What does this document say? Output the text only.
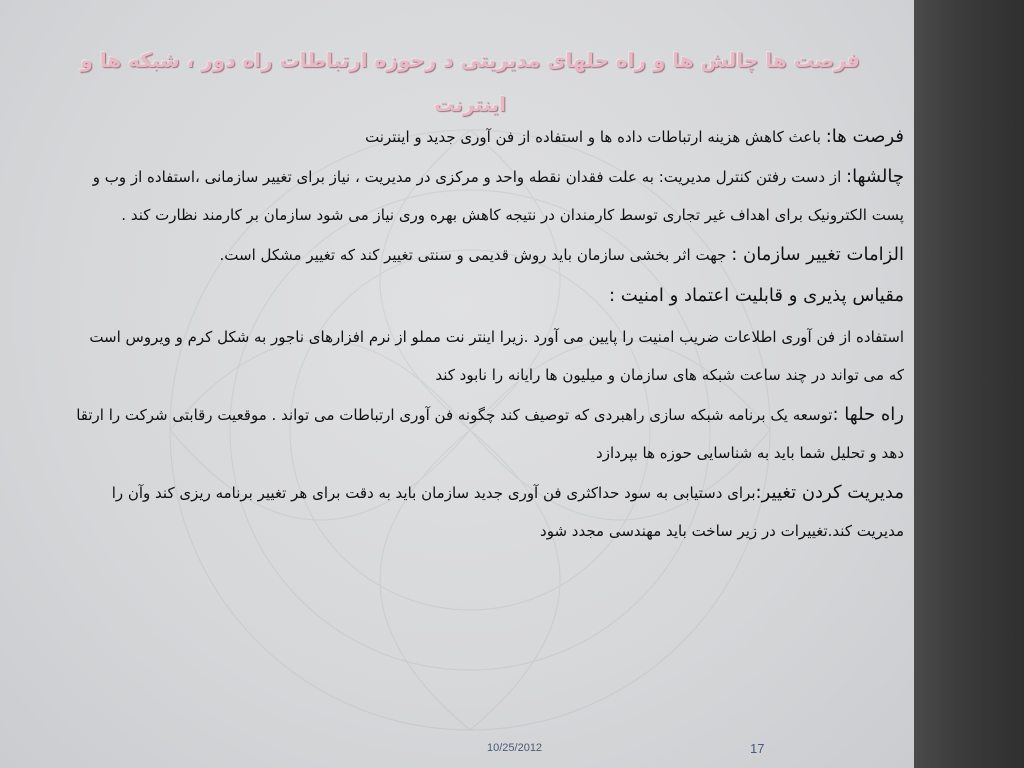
فرصت ها چالش ها و راه حلهای مدیریتی د رحوزه ارتباطات راه دور ، شبکه ها و اینترنت

فرصت ها: باعث کاهش هزینه ارتباطات داده ها و استفاده از فن آوری جدید و اینترنت

چالشها: از دست رفتن کنترل مدیریت: به علت فقدان نقطه واحد و مرکزی در مدیریت ، نیاز برای تغییر سازمانی ،استفاده از وب و پست الکترونیک برای اهداف غیر تجاری توسط کارمندان در نتیجه کاهش بهره وری نیاز می شود سازمان بر کارمند نظارت کند .

الزامات تغییر سازمان : جهت اثر بخشی سازمان باید روش قدیمی و سنتی تغییر کند که تغییر مشکل است.

مقیاس پذیری و قابلیت اعتماد و امنیت :

استفاده از فن آوری اطلاعات ضریب امنیت را پایین می آورد .زیرا اینتر نت مملو از نرم افزارهای ناجور به شکل کرم و ویروس است که می تواند در چند ساعت شبکه های سازمان و میلیون ها رایانه را نابود کند

راه حلها :توسعه یک برنامه شبکه سازی راهبردی که توصیف کند چگونه فن آوری ارتباطات می تواند . موقعیت رقابتی شرکت را ارتقا دهد و تحلیل شما باید به شناسایی حوزه ها بپردازد

مدیریت کردن تغییر:برای دستیابی به سود حداکثری فن آوری جدید سازمان باید به دقت برای هر تغییر برنامه ریزی کند وآن را مدیریت کند.تغییرات در زیر ساخت باید مهندسی مجدد شود

10/25/2012	17
